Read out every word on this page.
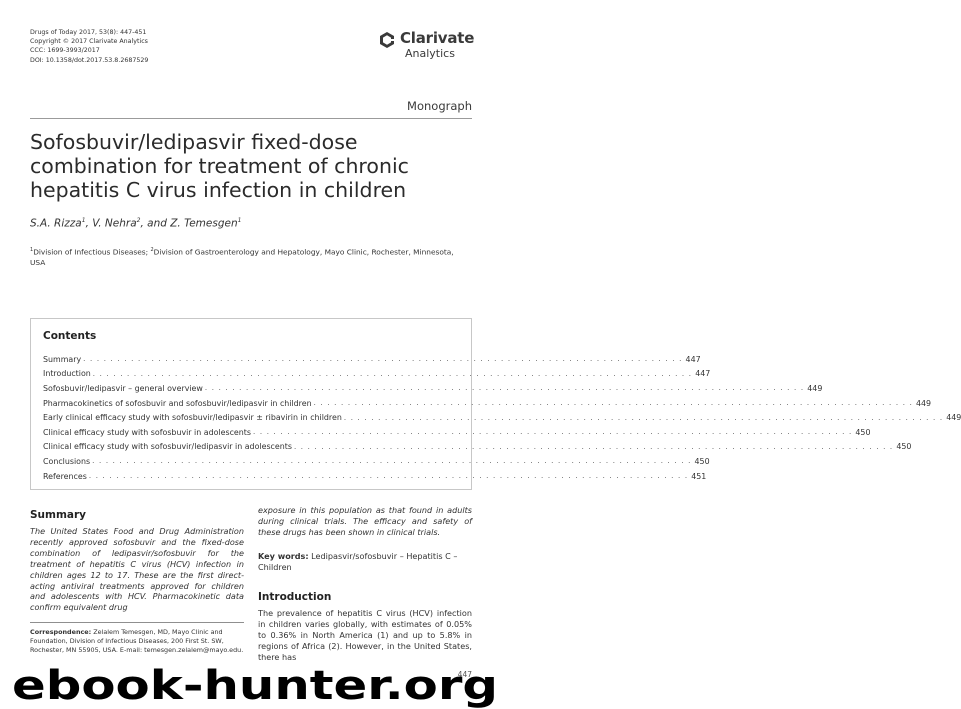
Drugs of Today 2017, 53(8): 447-451
Copyright © 2017 Clarivate Analytics
CCC: 1699-3993/2017
DOI: 10.1358/dot.2017.53.8.2687529
Clarivate
Analytics
Monograph
Sofosbuvir/ledipasvir fixed-dose combination for treatment of chronic hepatitis C virus infection in children
S.A. Rizza$^1$, V. Nehra$^2$, and Z. Temesgen$^1$
$^1$Division of Infectious Diseases; $^2$Division of Gastroenterology and Hepatology, Mayo Clinic, Rochester, Minnesota, USA
Contents
Summary . . . . . . . . . . . . . . . . . . . . . . . . . . . . . . . . . . . . . . . . . . . . . . . . . . . . . . . . . . . . . . . . . . . . . . . . . . . . . . . . . . . . . . . . 447
Introduction . . . . . . . . . . . . . . . . . . . . . . . . . . . . . . . . . . . . . . . . . . . . . . . . . . . . . . . . . . . . . . . . . . . . . . . . . . . . . . . . . . . . . . . . 447
Sofosbuvir/ledipasvir – general overview . . . . . . . . . . . . . . . . . . . . . . . . . . . . . . . . . . . . . . . . . . . . . . . . . . . . . . . . . . . . . . . . . . . . . . . . . . . . . . . . . . . . . . . . 449
Pharmacokinetics of sofosbuvir and sofosbuvir/ledipasvir in children . . . . . . . . . . . . . . . . . . . . . . . . . . . . . . . . . . . . . . . . . . . . . . . . . . . . . . . . . . . . . . . . . . . . . . . . . . . . . . . . . . . . . . . . 449
Early clinical efficacy study with sofosbuvir/ledipasvir ± ribavirin in children . . . . . . . . . . . . . . . . . . . . . . . . . . . . . . . . . . . . . . . . . . . . . . . . . . . . . . . . . . . . . . . . . . . . . . . . . . . . . . . . . . . . . . . . 449
Clinical efficacy study with sofosbuvir in adolescents . . . . . . . . . . . . . . . . . . . . . . . . . . . . . . . . . . . . . . . . . . . . . . . . . . . . . . . . . . . . . . . . . . . . . . . . . . . . . . . . . . . . . . . . 450
Clinical efficacy study with sofosbuvir/ledipasvir in adolescents . . . . . . . . . . . . . . . . . . . . . . . . . . . . . . . . . . . . . . . . . . . . . . . . . . . . . . . . . . . . . . . . . . . . . . . . . . . . . . . . . . . . . . . . 450
Conclusions . . . . . . . . . . . . . . . . . . . . . . . . . . . . . . . . . . . . . . . . . . . . . . . . . . . . . . . . . . . . . . . . . . . . . . . . . . . . . . . . . . . . . . . . 450
References . . . . . . . . . . . . . . . . . . . . . . . . . . . . . . . . . . . . . . . . . . . . . . . . . . . . . . . . . . . . . . . . . . . . . . . . . . . . . . . . . . . . . . . . 451
Summary
The United States Food and Drug Administration recently approved sofosbuvir and the fixed-dose combination of ledipasvir/sofosbuvir for the treatment of hepatitis C virus (HCV) infection in children ages 12 to 17. These are the first direct-acting antiviral treatments approved for children and adolescents with HCV. Pharmacokinetic data confirm equivalent drug
Correspondence: Zelalem Temesgen, MD, Mayo Clinic and Foundation, Division of Infectious Diseases, 200 First St. SW, Rochester, MN 55905, USA. E-mail: temesgen.zelalem@mayo.edu.
exposure in this population as that found in adults during clinical trials. The efficacy and safety of these drugs has been shown in clinical trials.
Key words: Ledipasvir/sofosbuvir – Hepatitis C – Children
Introduction
The prevalence of hepatitis C virus (HCV) infection in children varies globally, with estimates of 0.05% to 0.36% in North America (1) and up to 5.8% in regions of Africa (2). However, in the United States, there has
447
ebook-hunter.org
